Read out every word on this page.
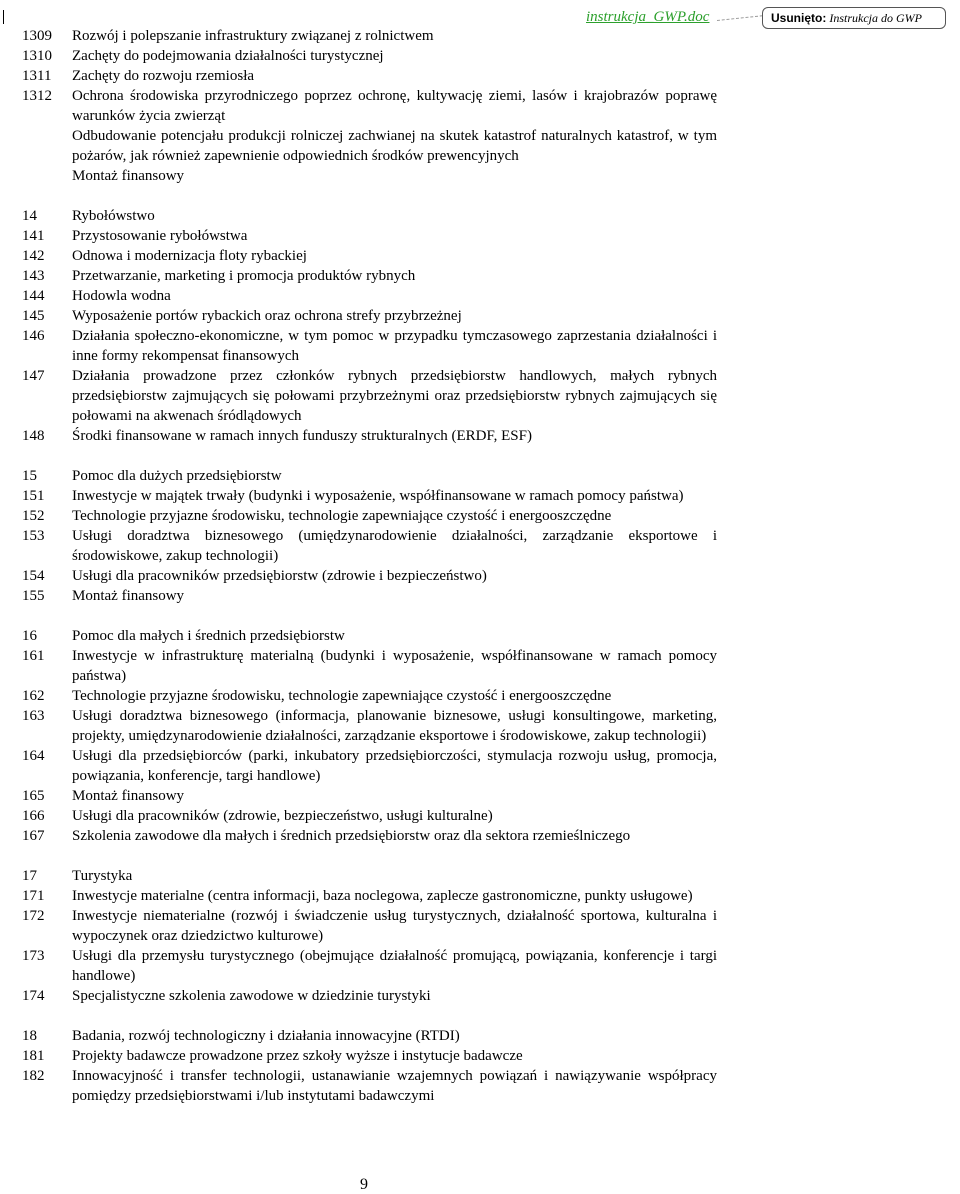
instrukcja_GWP.doc	Usunięto: Instrukcja do GWP
1309	Rozwój i polepszanie infrastruktury związanej z rolnictwem
1310	Zachęty do podejmowania działalności turystycznej
1311	Zachęty do rozwoju rzemiosła
1312	Ochrona środowiska przyrodniczego poprzez ochronę, kultywację ziemi, lasów i krajobrazów poprawę warunków życia zwierząt
Odbudowanie potencjału produkcji rolniczej zachwianej na skutek katastrof naturalnych katastrof, w tym pożarów, jak również zapewnienie odpowiednich środków prewencyjnych
Montaż finansowy
14	Rybołówstwo
141	Przystosowanie rybołówstwa
142	Odnowa i modernizacja floty rybackiej
143	Przetwarzanie, marketing i promocja produktów rybnych
144	Hodowla wodna
145	Wyposażenie portów rybackich oraz ochrona strefy przybrzeżnej
146	Działania społeczno-ekonomiczne, w tym pomoc w przypadku tymczasowego zaprzestania działalności i inne formy rekompensat finansowych
147	Działania prowadzone przez członków rybnych przedsiębiorstw handlowych, małych rybnych przedsiębiorstw zajmujących się połowami przybrzeżnymi oraz przedsiębiorstw rybnych zajmujących się połowami na akwenach śródlądowych
148	Środki finansowane w ramach innych funduszy strukturalnych (ERDF, ESF)
15	Pomoc dla dużych przedsiębiorstw
151	Inwestycje w majątek trwały (budynki i wyposażenie, współfinansowane w ramach pomocy państwa)
152	Technologie przyjazne środowisku, technologie zapewniające czystość i energooszczędne
153	Usługi doradztwa biznesowego (umiędzynarodowienie działalności, zarządzanie eksportowe i środowiskowe, zakup technologii)
154	Usługi dla pracowników przedsiębiorstw (zdrowie i bezpieczeństwo)
155	Montaż finansowy
16	Pomoc dla małych i średnich przedsiębiorstw
161	Inwestycje w infrastrukturę materialną (budynki i wyposażenie, współfinansowane w ramach pomocy państwa)
162	Technologie przyjazne środowisku, technologie zapewniające czystość i energooszczędne
163	Usługi doradztwa biznesowego (informacja, planowanie biznesowe, usługi konsultingowe, marketing, projekty, umiędzynarodowienie działalności, zarządzanie eksportowe i środowiskowe, zakup technologii)
164	Usługi dla przedsiębiorców (parki, inkubatory przedsiębiorczości, stymulacja rozwoju usług, promocja, powiązania, konferencje, targi handlowe)
165	Montaż finansowy
166	Usługi dla pracowników (zdrowie, bezpieczeństwo, usługi kulturalne)
167	Szkolenia zawodowe dla małych i średnich przedsiębiorstw oraz dla sektora rzemieślniczego
17	Turystyka
171	Inwestycje materialne (centra informacji, baza noclegowa, zaplecze gastronomiczne, punkty usługowe)
172	Inwestycje niematerialne (rozwój i świadczenie usług turystycznych, działalność sportowa, kulturalna i wypoczynek oraz dziedzictwo kulturowe)
173	Usługi dla przemysłu turystycznego (obejmujące działalność promującą, powiązania, konferencje i targi handlowe)
174	Specjalistyczne szkolenia zawodowe w dziedzinie turystyki
18	Badania, rozwój technologiczny i działania innowacyjne (RTDI)
181	Projekty badawcze prowadzone przez szkoły wyższe i instytucje badawcze
182	Innowacyjność i transfer technologii, ustanawianie wzajemnych powiązań i nawiązywanie współpracy pomiędzy przedsiębiorstwami i/lub instytutami badawczymi
9
